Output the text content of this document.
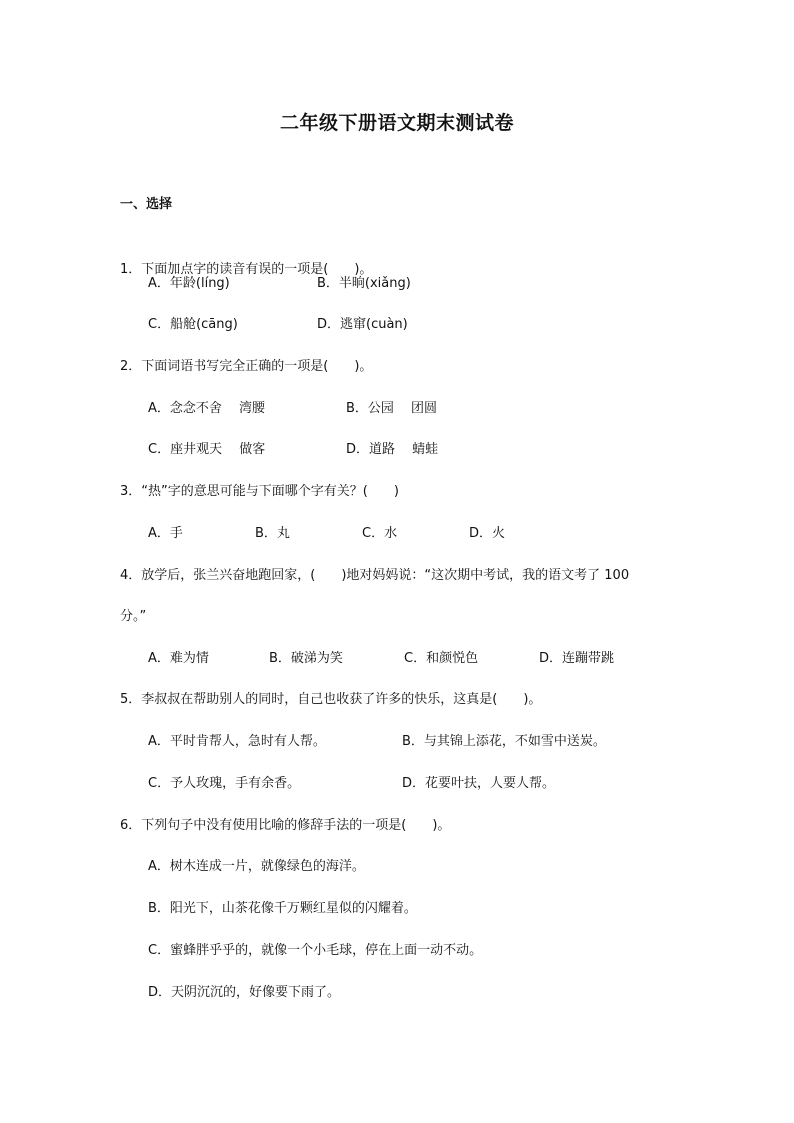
二年级下册语文期末测试卷
一、选择
1．下面加点字的读音有误的一项是(　　)。
A．年龄(líng)	B．半晌(xiǎng)
C．船舱(cāng)	D．逃窜(cuàn)
2．下面词语书写完全正确的一项是(　　)。
A．念念不舍　 湾腰	B．公园　 团圆
C．座井观天　 做客	D．道路　 蜻蛙
3．“热”字的意思可能与下面哪个字有关？(　　)
A．手	B．丸	C．水	D．火
4．放学后，张兰兴奋地跑回家，(　　)地对妈妈说：“这次期中考试，我的语文考了 100
分。”
A．难为情	B．破涕为笑	C．和颜悦色	D．连蹦带跳
5．李叔叔在帮助别人的同时，自己也收获了许多的快乐，这真是(　　)。
A．平时肯帮人，急时有人帮。	B．与其锦上添花，不如雪中送炭。
C．予人玫瑰，手有余香。	D．花要叶扶，人要人帮。
6．下列句子中没有使用比喻的修辞手法的一项是(　　)。
A．树木连成一片，就像绿色的海洋。
B．阳光下，山茶花像千万颗红星似的闪耀着。
C．蜜蜂胖乎乎的，就像一个小毛球，停在上面一动不动。
D．天阴沉沉的，好像要下雨了。
